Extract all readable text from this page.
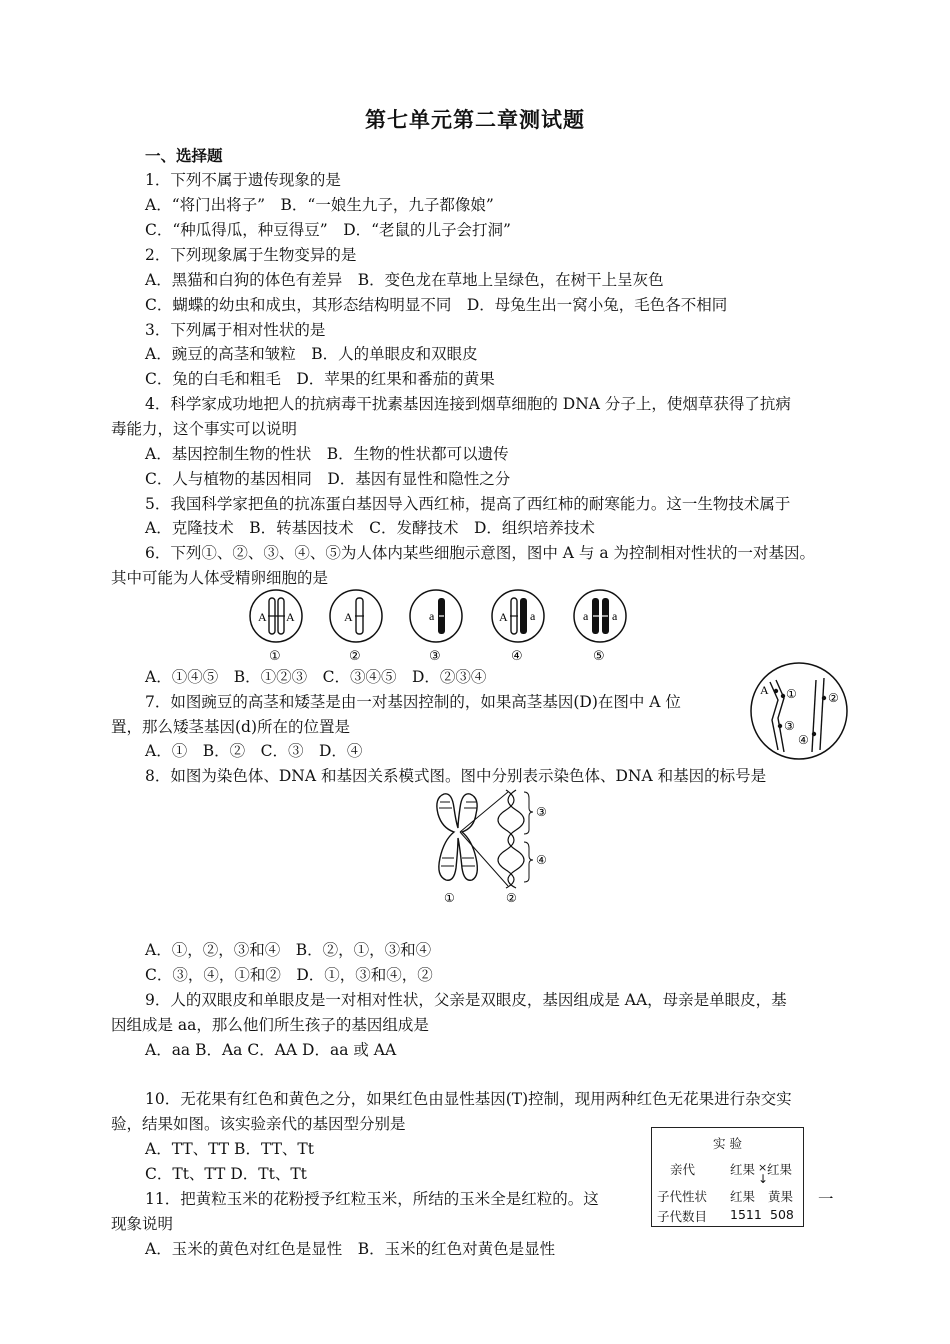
第七单元第二章测试题
一、选择题
1．下列不属于遗传现象的是
A．“将门出将子”　B．“一娘生九子，九子都像娘”
C．“种瓜得瓜，种豆得豆”　D．“老鼠的儿子会打洞”
2．下列现象属于生物变异的是
A．黑猫和白狗的体色有差异　B．变色龙在草地上呈绿色，在树干上呈灰色
C．蝴蝶的幼虫和成虫，其形态结构明显不同　D．母兔生出一窝小兔，毛色各不相同
3．下列属于相对性状的是
A．豌豆的高茎和皱粒　B．人的单眼皮和双眼皮
C．兔的白毛和粗毛　D．苹果的红果和番茄的黄果
4．科学家成功地把人的抗病毒干扰素基因连接到烟草细胞的 DNA 分子上，使烟草获得了抗病
毒能力，这个事实可以说明
A．基因控制生物的性状　B．生物的性状都可以遗传
C．人与植物的基因相同　D．基因有显性和隐性之分
5．我国科学家把鱼的抗冻蛋白基因导入西红柿，提高了西红柿的耐寒能力。这一生物技术属于
A．克隆技术　B．转基因技术　C．发酵技术　D．组织培养技术
6．下列①、②、③、④、⑤为人体内某些细胞示意图，图中 A 与 a 为控制相对性状的一对基因。
其中可能为人体受精卵细胞的是
A A	A	a	A a	a a
①	②	③	④	⑤
A．①④⑤　B．①②③　C．③④⑤　D．②③④
7．如图豌豆的高茎和矮茎是由一对基因控制的，如果高茎基因(D)在图中 A 位
置，那么矮茎基因(d)所在的位置是
A．①　B．②　C．③　D．④
A ①	②
③
④
8．如图为染色体、DNA 和基因关系模式图。图中分别表示染色体、DNA 和基因的标号是
③
④
①	②
A．①，②，③和④　B．②，①，③和④
C．③，④，①和②　D．①，③和④，②
9．人的双眼皮和单眼皮是一对相对性状，父亲是双眼皮，基因组成是 AA，母亲是单眼皮，基
因组成是 aa，那么他们所生孩子的基因组成是
A．aa B．Aa C．AA D．aa 或 AA
10．无花果有红色和黄色之分，如果红色由显性基因(T)控制，现用两种红色无花果进行杂交实
验，结果如图。该实验亲代的基因型分别是
A．TT、TT B．TT、Tt
C．Tt、TT D．Tt、Tt
11．把黄粒玉米的花粉授予红粒玉米，所结的玉米全是红粒的。这	一
现象说明
A．玉米的黄色对红色是显性　B．玉米的红色对黄色是显性
实 验
亲代	红果 × 红果
↓
子代性状 红果 黄果
子代数目 1511 508
